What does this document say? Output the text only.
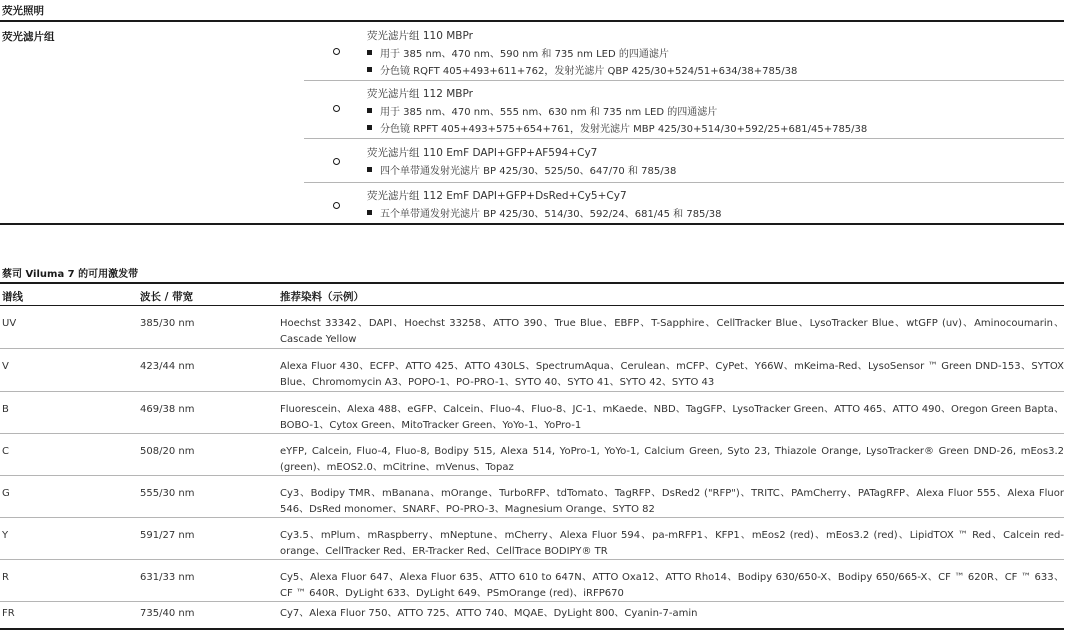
荧光照明
荧光滤片组	荧光滤片组 110 MBPr
用于 385 nm、470 nm、590 nm 和 735 nm LED 的四通滤片
分色镜 RQFT 405+493+611+762，发射光滤片 QBP 425/30+524/51+634/38+785/38
荧光滤片组 112 MBPr
用于 385 nm、470 nm、555 nm、630 nm 和 735 nm LED 的四通滤片
分色镜 RPFT 405+493+575+654+761，发射光滤片 MBP 425/30+514/30+592/25+681/45+785/38
荧光滤片组 110 EmF DAPI+GFP+AF594+Cy7
四个单带通发射光滤片 BP 425/30、525/50、647/70 和 785/38
荧光滤片组 112 EmF DAPI+GFP+DsRed+Cy5+Cy7
五个单带通发射光滤片 BP 425/30、514/30、592/24、681/45 和 785/38
蔡司 Viluma 7 的可用激发带
谱线	波长 / 带宽	推荐染料（示例）
UV	385/30 nm	Hoechst 33342、DAPI、Hoechst 33258、ATTO 390、True Blue、EBFP、T-Sapphire、CellTracker Blue、LysoTracker Blue、wtGFP (uv)、Aminocoumarin、Cascade Yellow
V	423/44 nm	Alexa Fluor 430、ECFP、ATTO 425、ATTO 430LS、SpectrumAqua、Cerulean、mCFP、CyPet、Y66W、mKeima-Red、LysoSensor ™ Green DND-153、SYTOX Blue、Chromomycin A3、POPO-1、PO-PRO-1、SYTO 40、SYTO 41、SYTO 42、SYTO 43
B	469/38 nm	Fluorescein、Alexa 488、eGFP、Calcein、Fluo-4、Fluo-8、JC-1、mKaede、NBD、TagGFP、LysoTracker Green、ATTO 465、ATTO 490、Oregon Green Bapta、BOBO-1、Cytox Green、MitoTracker Green、YoYo-1、YoPro-1
C	508/20 nm	eYFP, Calcein, Fluo-4, Fluo-8, Bodipy 515, Alexa 514, YoPro-1, YoYo-1, Calcium Green, Syto 23, Thiazole Orange, LysoTracker® Green DND-26, mEos3.2 (green)、mEOS2.0、mCitrine、mVenus、Topaz
G	555/30 nm	Cy3、Bodipy TMR、mBanana、mOrange、TurboRFP、tdTomato、TagRFP、DsRed2 ("RFP")、TRITC、PAmCherry、PATagRFP、Alexa Fluor 555、Alexa Fluor 546、DsRed monomer、SNARF、PO-PRO-3、Magnesium Orange、SYTO 82
Y	591/27 nm	Cy3.5、mPlum、mRaspberry、mNeptune、mCherry、Alexa Fluor 594、pa-mRFP1、KFP1、mEos2 (red)、mEos3.2 (red)、LipidTOX ™ Red、Calcein red-orange、CellTracker Red、ER-Tracker Red、CellTrace BODIPY® TR
R	631/33 nm	Cy5、Alexa Fluor 647、Alexa Fluor 635、ATTO 610 to 647N、ATTO Oxa12、ATTO Rho14、Bodipy 630/650-X、Bodipy 650/665-X、CF ™ 620R、CF ™ 633、CF ™ 640R、DyLight 633、DyLight 649、PSmOrange (red)、iRFP670
FR	735/40 nm	Cy7、Alexa Fluor 750、ATTO 725、ATTO 740、MQAE、DyLight 800、Cyanin-7-amin
